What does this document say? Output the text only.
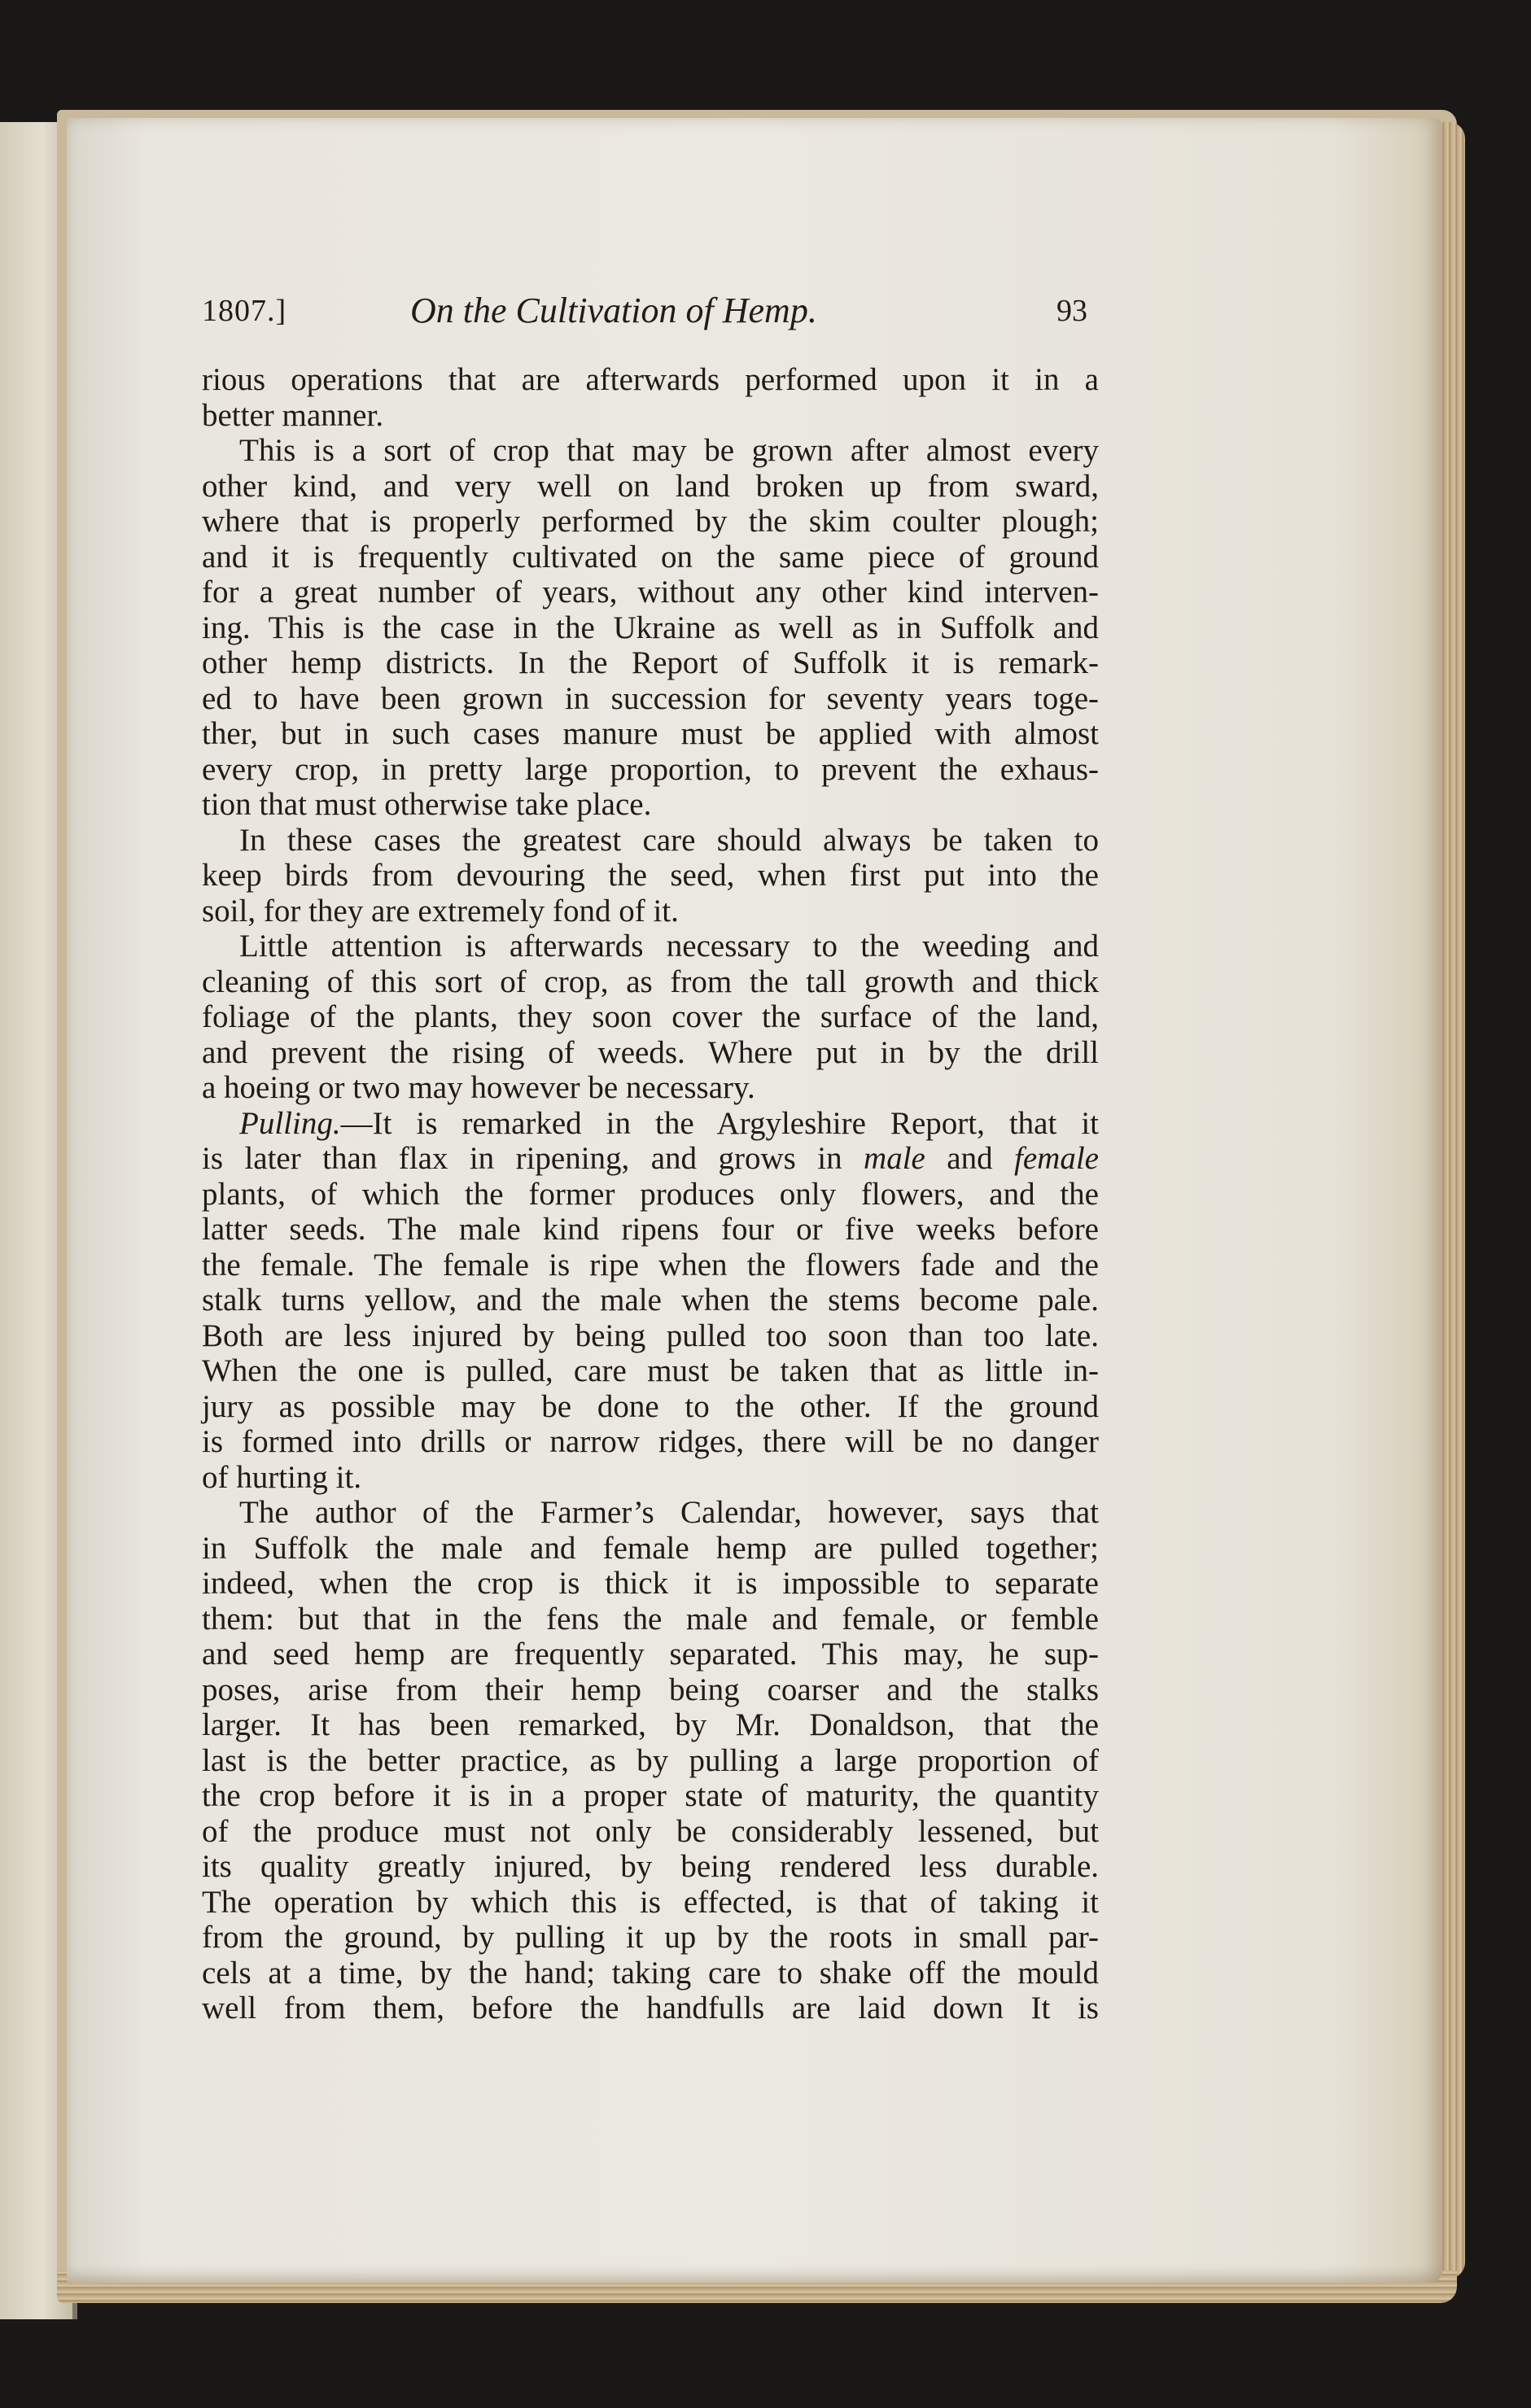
1807.]	On the Cultivation of Hemp.	93
rious operations that are afterwards performed upon it in a
better manner.
This is a sort of crop that may be grown after almost every
other kind, and very well on land broken up from sward,
where that is properly performed by the skim coulter plough;
and it is frequently cultivated on the same piece of ground
for a great number of years, without any other kind interven-
ing. This is the case in the Ukraine as well as in Suffolk and
other hemp districts. In the Report of Suffolk it is remark-
ed to have been grown in succession for seventy years toge-
ther, but in such cases manure must be applied with almost
every crop, in pretty large proportion, to prevent the exhaus-
tion that must otherwise take place.
In these cases the greatest care should always be taken to
keep birds from devouring the seed, when first put into the
soil, for they are extremely fond of it.
Little attention is afterwards necessary to the weeding and
cleaning of this sort of crop, as from the tall growth and thick
foliage of the plants, they soon cover the surface of the land,
and prevent the rising of weeds. Where put in by the drill
a hoeing or two may however be necessary.
Pulling.—It is remarked in the Argyleshire Report, that it
is later than flax in ripening, and grows in male and female
plants, of which the former produces only flowers, and the
latter seeds. The male kind ripens four or five weeks before
the female. The female is ripe when the flowers fade and the
stalk turns yellow, and the male when the stems become pale.
Both are less injured by being pulled too soon than too late.
When the one is pulled, care must be taken that as little in-
jury as possible may be done to the other. If the ground
is formed into drills or narrow ridges, there will be no danger
of hurting it.
The author of the Farmer’s Calendar, however, says that
in Suffolk the male and female hemp are pulled together;
indeed, when the crop is thick it is impossible to separate
them: but that in the fens the male and female, or femble
and seed hemp are frequently separated. This may, he sup-
poses, arise from their hemp being coarser and the stalks
larger. It has been remarked, by Mr. Donaldson, that the
last is the better practice, as by pulling a large proportion of
the crop before it is in a proper state of maturity, the quantity
of the produce must not only be considerably lessened, but
its quality greatly injured, by being rendered less durable.
The operation by which this is effected, is that of taking it
from the ground, by pulling it up by the roots in small par-
cels at a time, by the hand; taking care to shake off the mould
well from them, before the handfulls are laid down It is
